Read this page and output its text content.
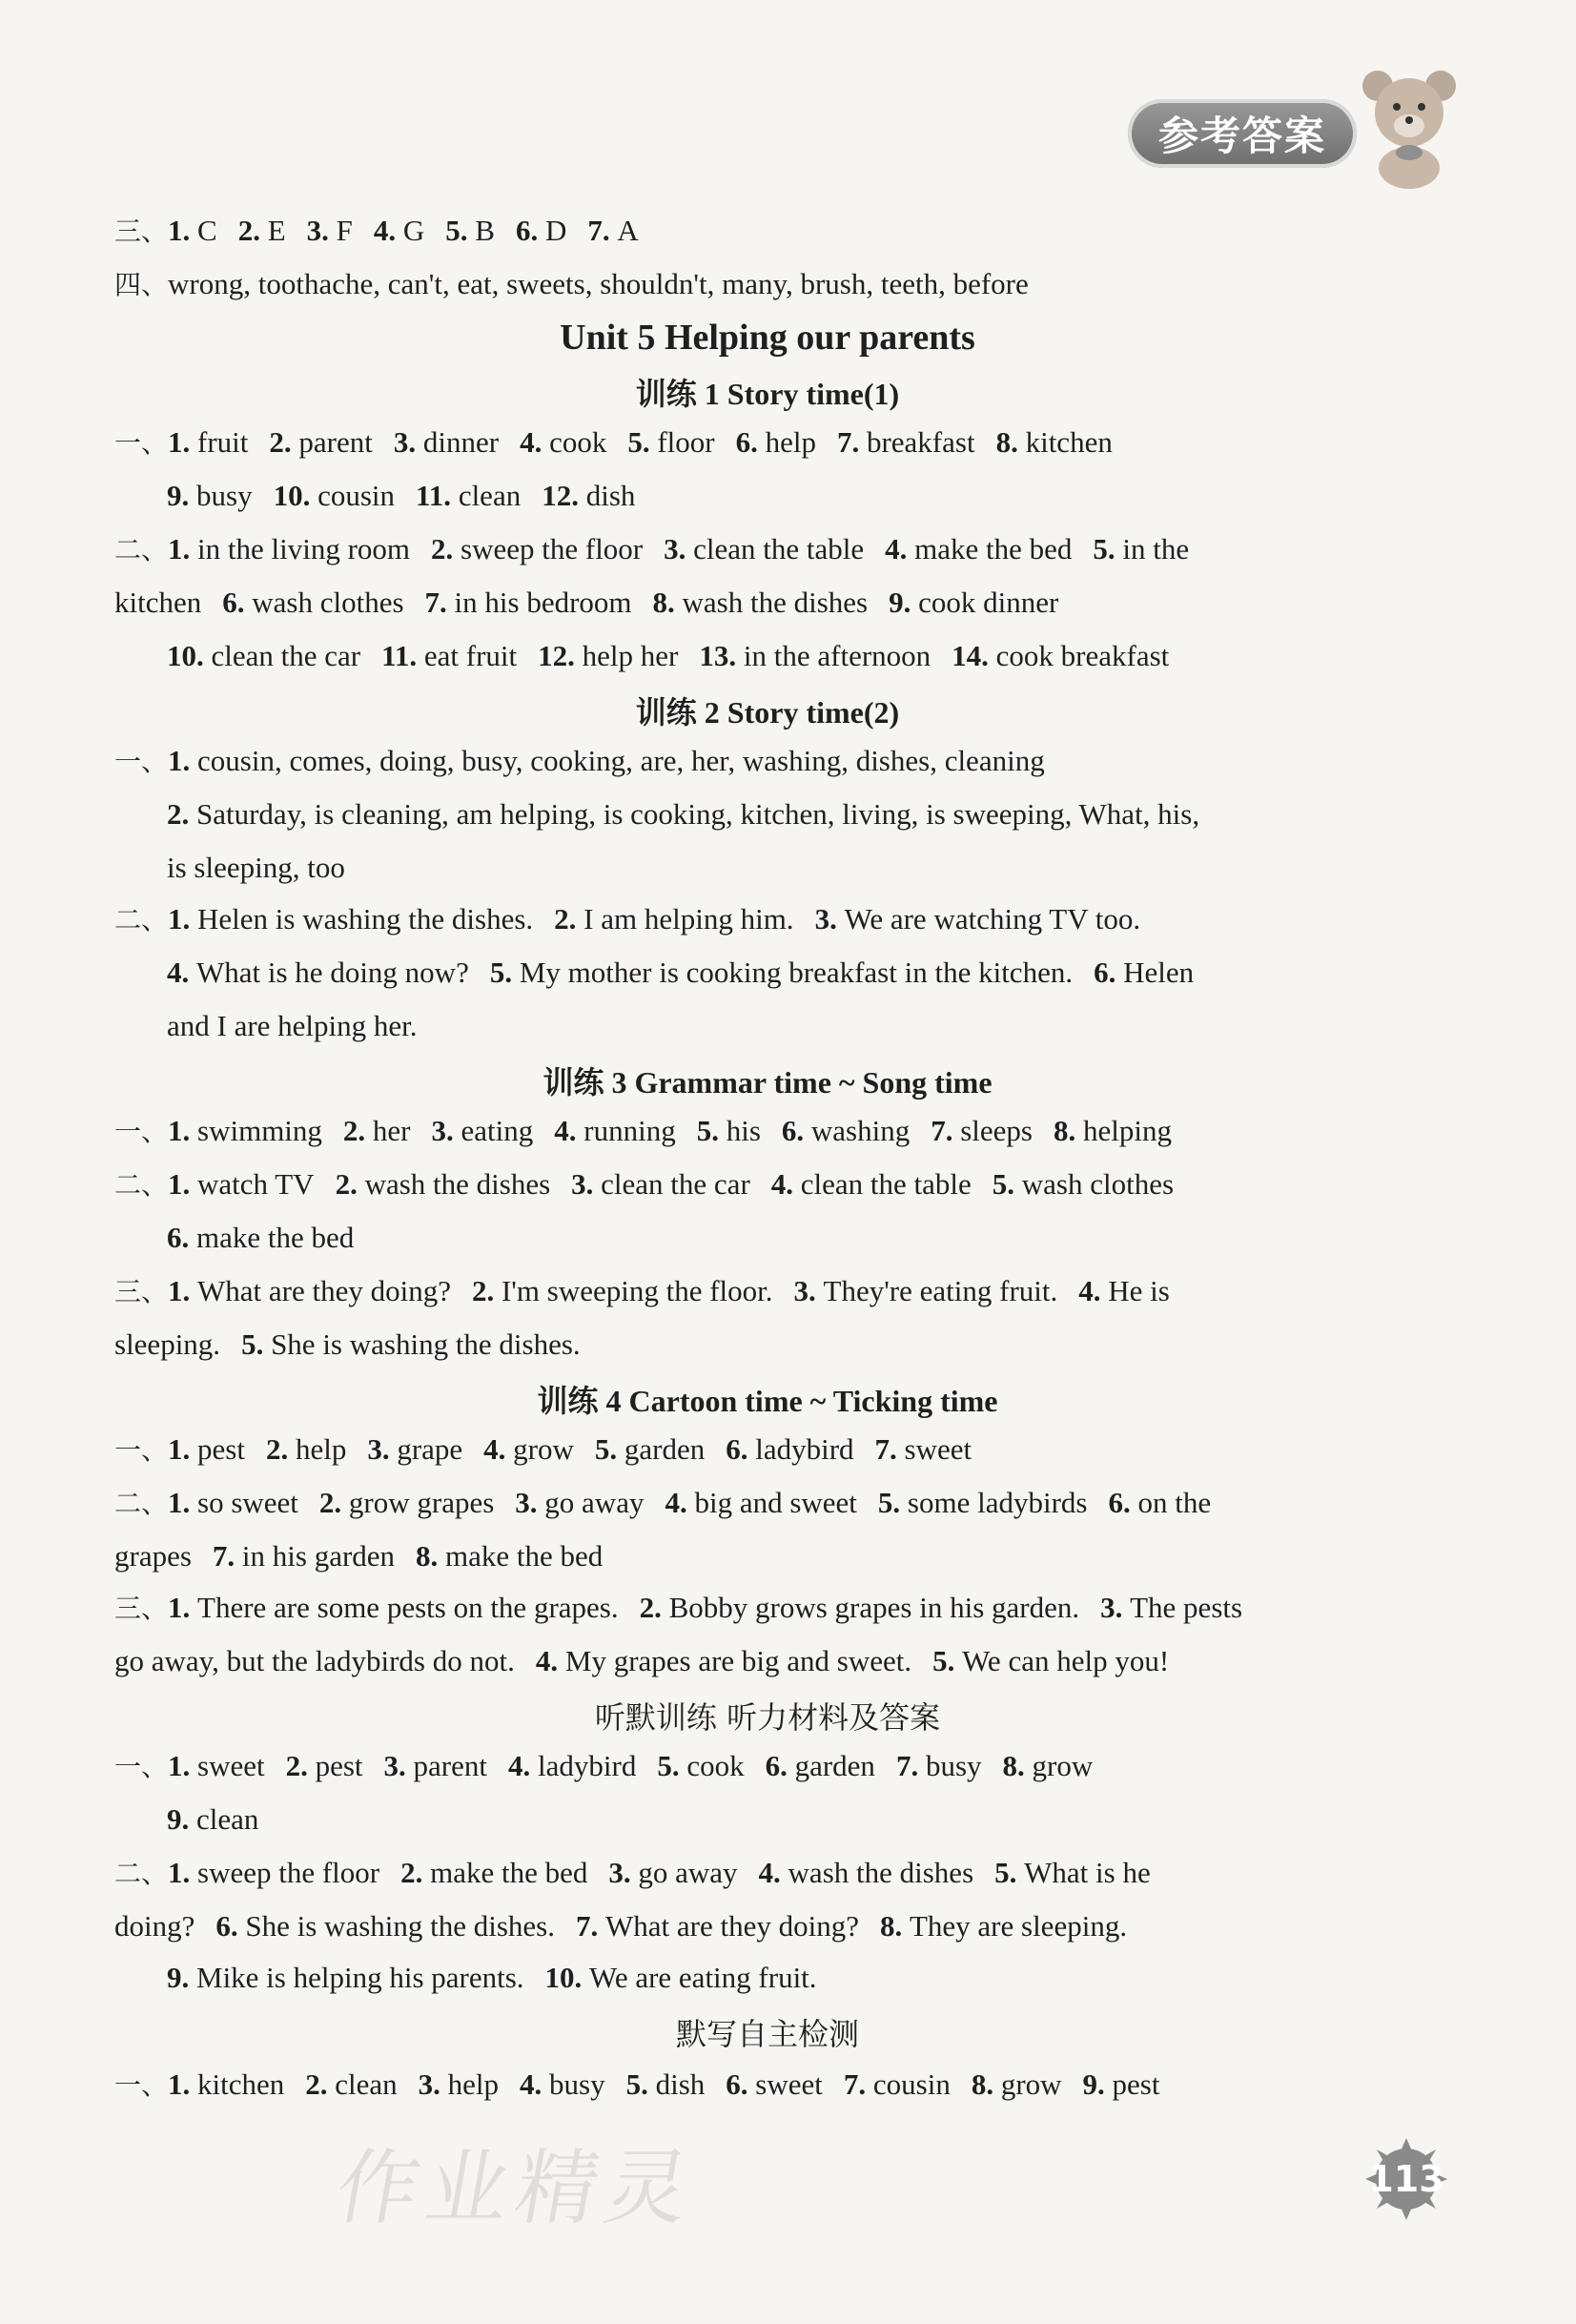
参考答案
三、1. C 2. E 3. F 4. G 5. B 6. D 7. A
四、wrong, toothache, can't, eat, sweets, shouldn't, many, brush, teeth, before
Unit 5 Helping our parents
训练 1 Story time(1)
一、1. fruit 2. parent 3. dinner 4. cook 5. floor 6. help 7. breakfast 8. kitchen
9. busy 10. cousin 11. clean 12. dish
二、1. in the living room 2. sweep the floor 3. clean the table 4. make the bed 5. in the
kitchen 6. wash clothes 7. in his bedroom 8. wash the dishes 9. cook dinner
10. clean the car 11. eat fruit 12. help her 13. in the afternoon 14. cook breakfast
训练 2 Story time(2)
一、1. cousin, comes, doing, busy, cooking, are, her, washing, dishes, cleaning
2. Saturday, is cleaning, am helping, is cooking, kitchen, living, is sweeping, What, his,
is sleeping, too
二、1. Helen is washing the dishes. 2. I am helping him. 3. We are watching TV too.
4. What is he doing now? 5. My mother is cooking breakfast in the kitchen. 6. Helen
and I are helping her.
训练 3 Grammar time ~ Song time
一、1. swimming 2. her 3. eating 4. running 5. his 6. washing 7. sleeps 8. helping
二、1. watch TV 2. wash the dishes 3. clean the car 4. clean the table 5. wash clothes
6. make the bed
三、1. What are they doing? 2. I'm sweeping the floor. 3. They're eating fruit. 4. He is
sleeping. 5. She is washing the dishes.
训练 4 Cartoon time ~ Ticking time
一、1. pest 2. help 3. grape 4. grow 5. garden 6. ladybird 7. sweet
二、1. so sweet 2. grow grapes 3. go away 4. big and sweet 5. some ladybirds 6. on the
grapes 7. in his garden 8. make the bed
三、1. There are some pests on the grapes. 2. Bobby grows grapes in his garden. 3. The pests
go away, but the ladybirds do not. 4. My grapes are big and sweet. 5. We can help you!
听默训练 听力材料及答案
一、1. sweet 2. pest 3. parent 4. ladybird 5. cook 6. garden 7. busy 8. grow
9. clean
二、1. sweep the floor 2. make the bed 3. go away 4. wash the dishes 5. What is he
doing? 6. She is washing the dishes. 7. What are they doing? 8. They are sleeping.
9. Mike is helping his parents. 10. We are eating fruit.
默写自主检测
一、1. kitchen 2. clean 3. help 4. busy 5. dish 6. sweet 7. cousin 8. grow 9. pest
作业精灵	113
